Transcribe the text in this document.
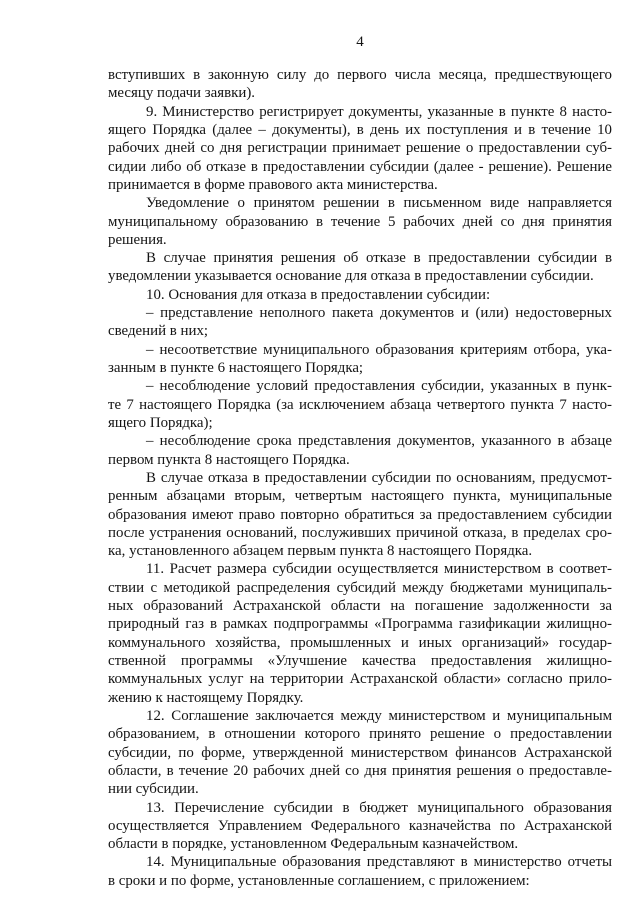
4
вступивших в законную силу до первого числа месяца, предшествующего
месяцу подачи заявки).
9. Министерство регистрирует документы, указанные в пункте 8 насто-
ящего Порядка (далее – документы), в день их поступления и в течение 10
рабочих дней со дня регистрации принимает решение о предоставлении суб-
сидии либо об отказе в предоставлении субсидии (далее - решение). Решение
принимается в форме правового акта министерства.
Уведомление о принятом решении в письменном виде направляется
муниципальному образованию в течение 5 рабочих дней со дня принятия
решения.
В случае принятия решения об отказе в предоставлении субсидии в
уведомлении указывается основание для отказа в предоставлении субсидии.
10. Основания для отказа в предоставлении субсидии:
– представление неполного пакета документов и (или) недостоверных
сведений в них;
– несоответствие муниципального образования критериям отбора, ука-
занным в пункте 6 настоящего Порядка;
– несоблюдение условий предоставления субсидии, указанных в пунк-
те 7 настоящего Порядка (за исключением абзаца четвертого пункта 7 насто-
ящего Порядка);
– несоблюдение срока представления документов, указанного в абзаце
первом пункта 8 настоящего Порядка.
В случае отказа в предоставлении субсидии по основаниям, предусмот-
ренным абзацами вторым, четвертым настоящего пункта, муниципальные
образования имеют право повторно обратиться за предоставлением субсидии
после устранения оснований, послуживших причиной отказа, в пределах сро-
ка, установленного абзацем первым пункта 8 настоящего Порядка.
11. Расчет размера субсидии осуществляется министерством в соответ-
ствии с методикой распределения субсидий между бюджетами муниципаль-
ных образований Астраханской области на погашение задолженности за
природный газ в рамках подпрограммы «Программа газификации жилищно-
коммунального хозяйства, промышленных и иных организаций» государ-
ственной программы «Улучшение качества предоставления жилищно-
коммунальных услуг на территории Астраханской области» согласно прило-
жению к настоящему Порядку.
12. Соглашение заключается между министерством и муниципальным
образованием, в отношении которого принято решение о предоставлении
субсидии, по форме, утвержденной министерством финансов Астраханской
области, в течение 20 рабочих дней со дня принятия решения о предоставле-
нии субсидии.
13. Перечисление субсидии в бюджет муниципального образования
осуществляется Управлением Федерального казначейства по Астраханской
области в порядке, установленном Федеральным казначейством.
14. Муниципальные образования представляют в министерство отчеты
в сроки и по форме, установленные соглашением, с приложением:
